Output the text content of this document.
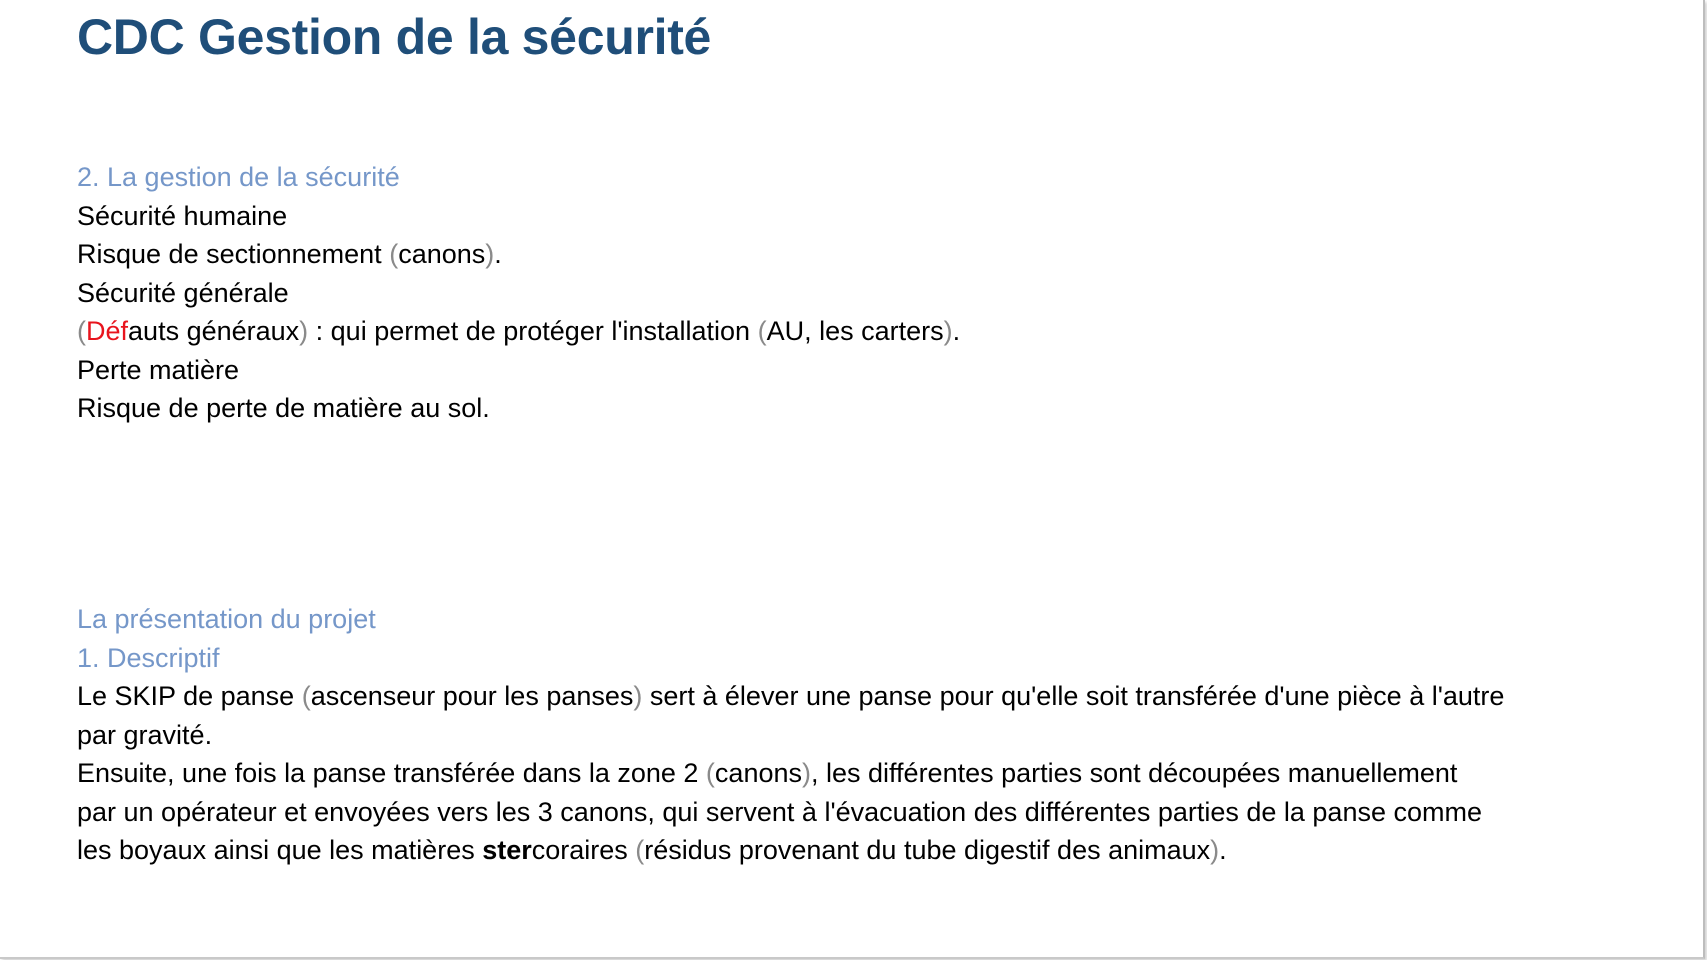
CDC Gestion de la sécurité

2. La gestion de la sécurité

Sécurité humaine

Risque de sectionnement (canons).

Sécurité générale

(Défauts généraux) : qui permet de protéger l'installation (AU, les carters).

Perte matière

Risque de perte de matière au sol.

La présentation du projet

1. Descriptif

Le SKIP de panse (ascenseur pour les panses) sert à élever une panse pour qu'elle soit transférée d'une pièce à l'autre

par gravité.

Ensuite, une fois la panse transférée dans la zone 2 (canons), les différentes parties sont découpées manuellement

par un opérateur et envoyées vers les 3 canons, qui servent à l'évacuation des différentes parties de la panse comme

les boyaux ainsi que les matières stercoraires (résidus provenant du tube digestif des animaux).
